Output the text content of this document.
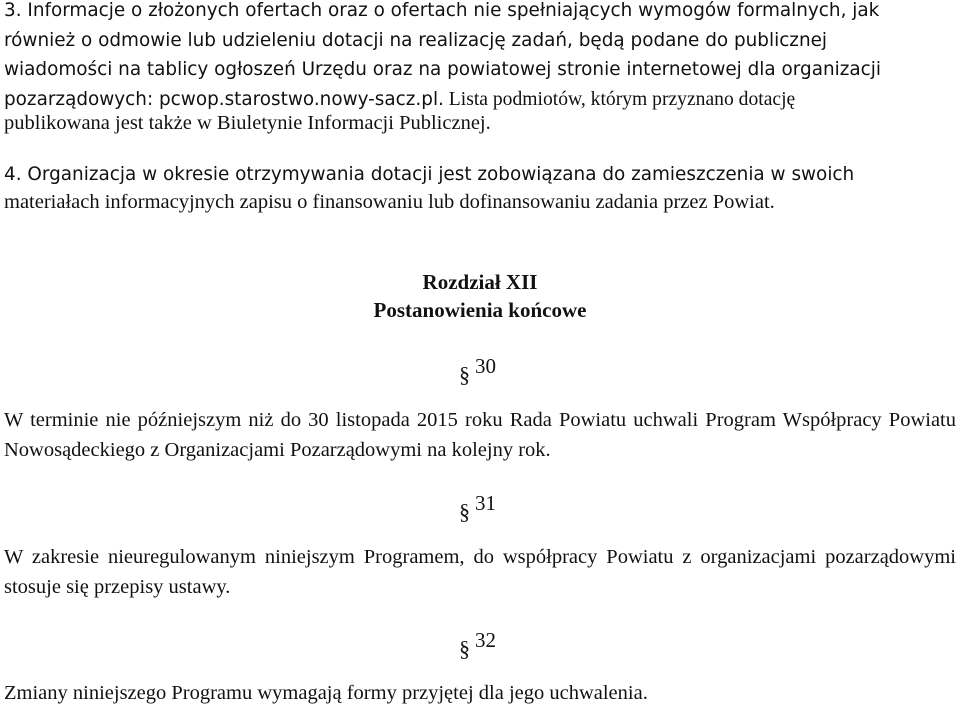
3. Informacje o złożonych ofertach oraz o ofertach nie spełniających wymogów formalnych, jak

również o odmowie lub udzieleniu dotacji na realizację zadań, będą podane do publicznej

wiadomości na tablicy ogłoszeń Urzędu oraz na powiatowej stronie internetowej dla organizacji

pozarządowych: pcwop.starostwo.nowy-sacz.pl. Lista podmiotów, którym przyznano dotację

publikowana jest także w Biuletynie Informacji Publicznej.

4. Organizacja w okresie otrzymywania dotacji jest zobowiązana do zamieszczenia w swoich

materiałach informacyjnych zapisu o finansowaniu lub dofinansowaniu zadania przez Powiat.

Rozdział XII

Postanowienia końcowe

§ 30

W terminie nie późniejszym niż do 30 listopada 2015 roku Rada Powiatu uchwali Program Współpracy Powiatu Nowosądeckiego z Organizacjami Pozarządowymi na kolejny rok.

§ 31

W zakresie nieuregulowanym niniejszym Programem, do współpracy Powiatu z organizacjami pozarządowymi stosuje się przepisy ustawy.

§ 32

Zmiany niniejszego Programu wymagają formy przyjętej dla jego uchwalenia.
